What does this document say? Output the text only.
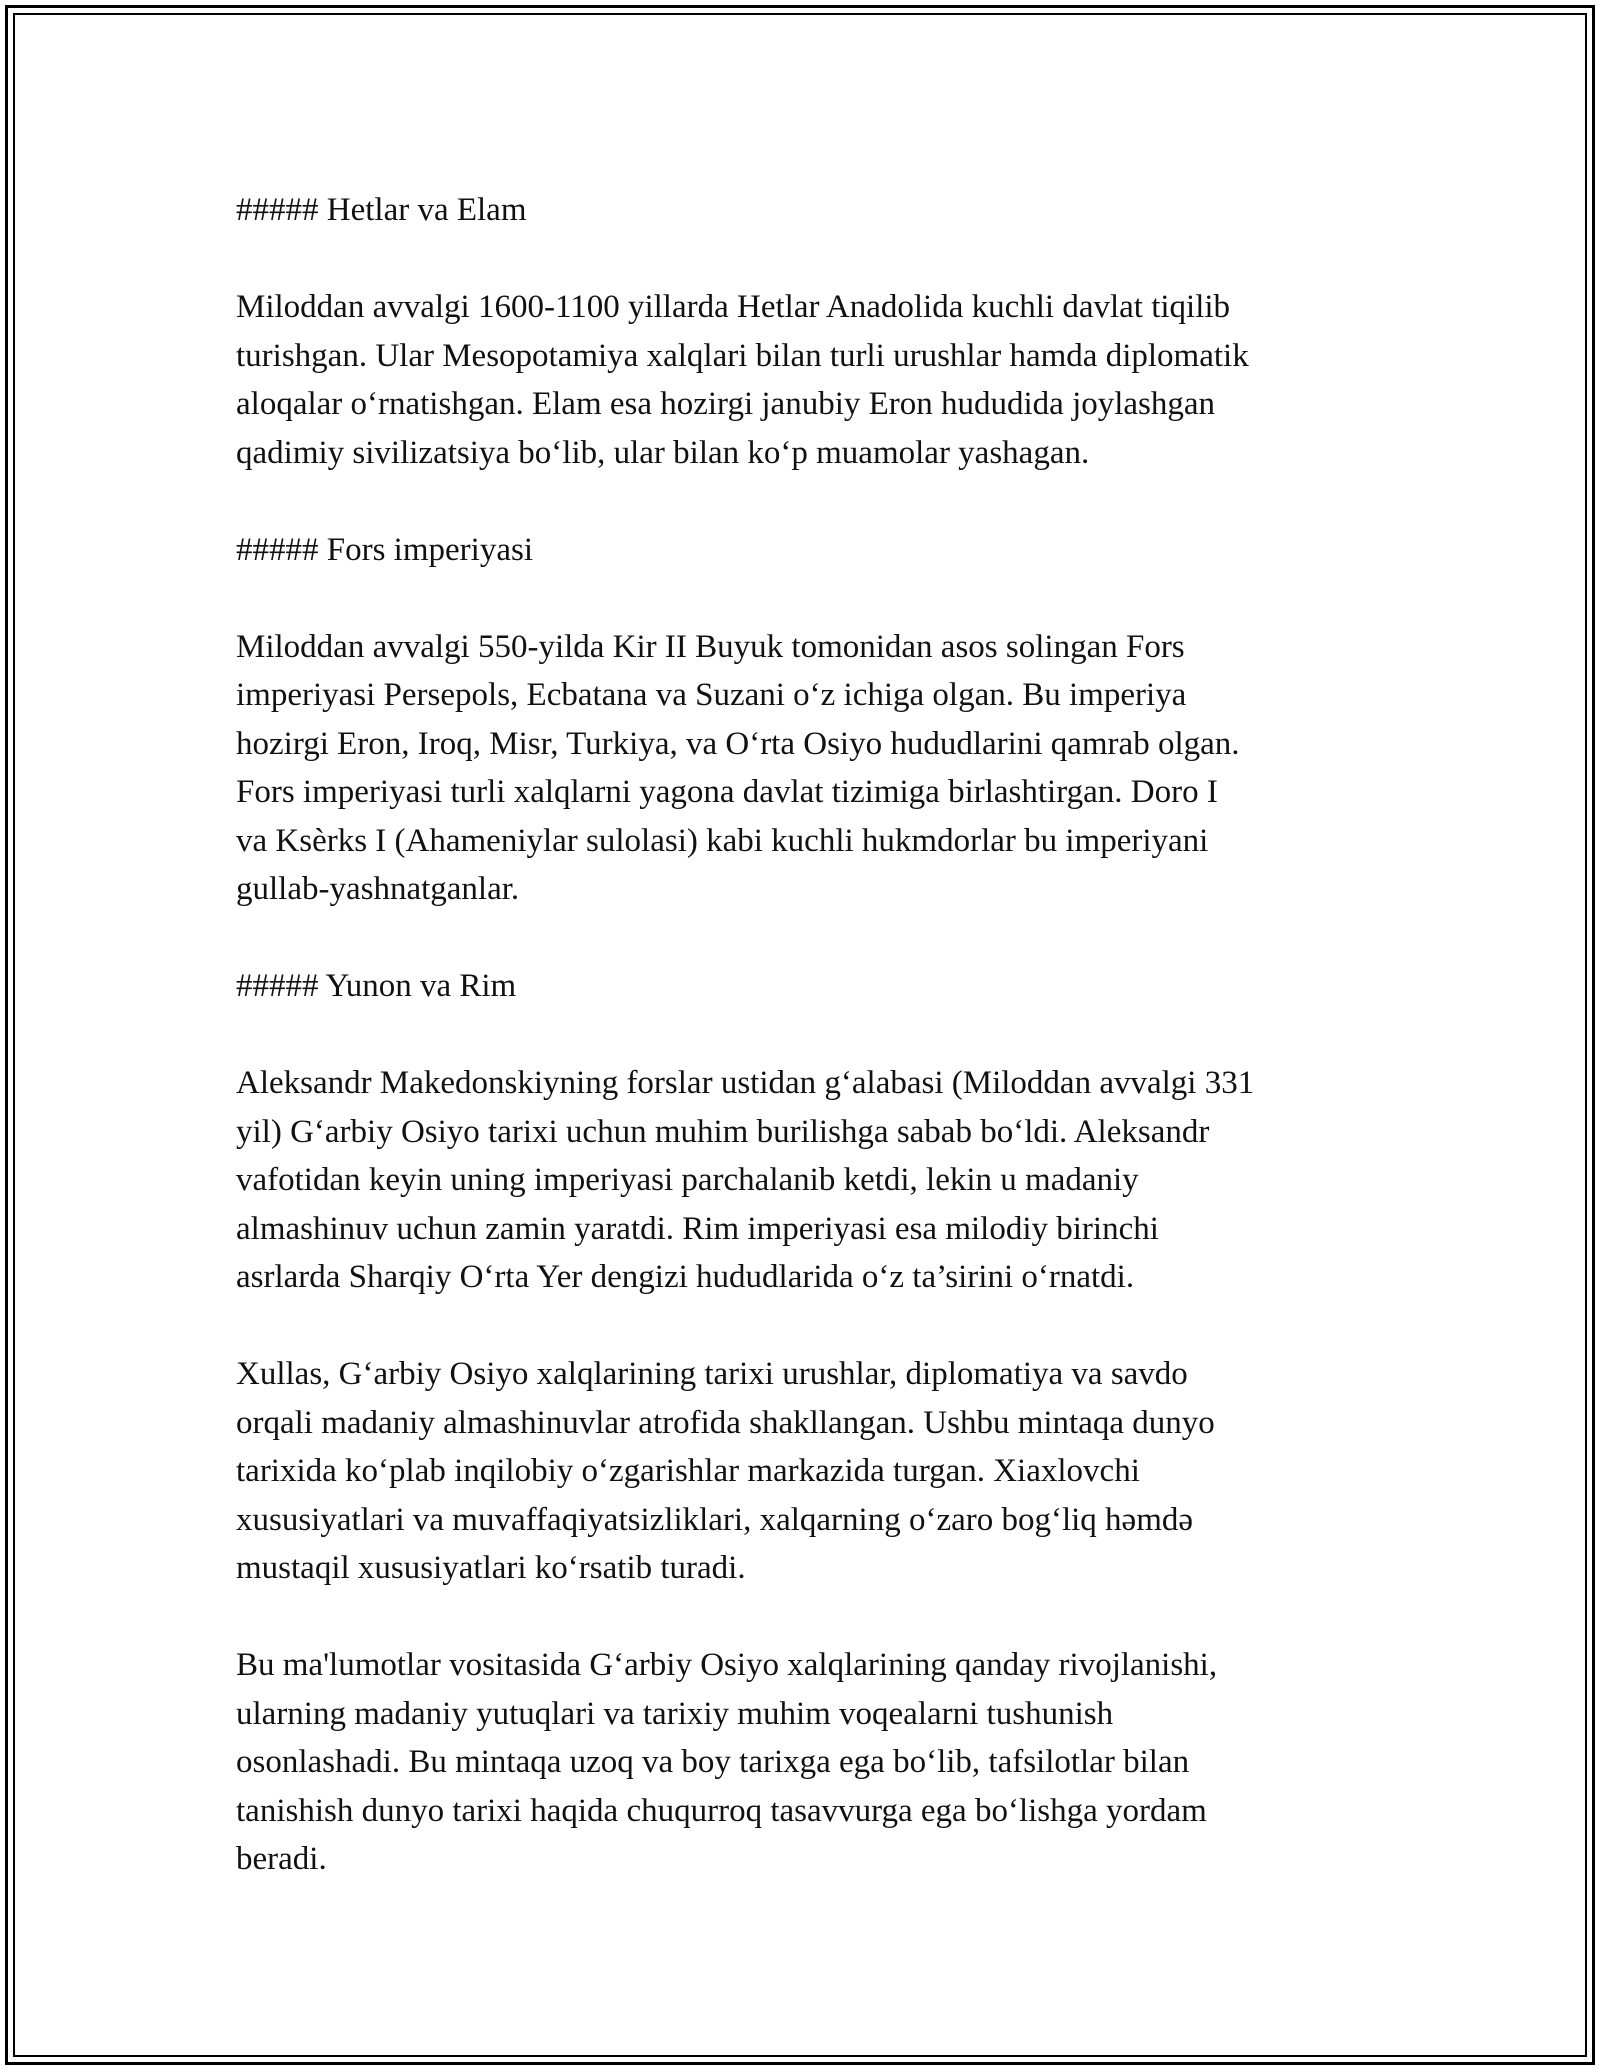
##### Hetlar va Elam
Miloddan avvalgi 1600-1100 yillarda Hetlar Anadolida kuchli davlat tiqilib
turishgan. Ular Mesopotamiya xalqlari bilan turli urushlar hamda diplomatik
aloqalar o‘rnatishgan. Elam esa hozirgi janubiy Eron hududida joylashgan
qadimiy sivilizatsiya bo‘lib, ular bilan ko‘p muamolar yashagan.
##### Fors imperiyasi
Miloddan avvalgi 550-yilda Kir II Buyuk tomonidan asos solingan Fors
imperiyasi Persepols, Ecbatana va Suzani o‘z ichiga olgan. Bu imperiya
hozirgi Eron, Iroq, Misr, Turkiya, va O‘rta Osiyo hududlarini qamrab olgan.
Fors imperiyasi turli xalqlarni yagona davlat tizimiga birlashtirgan. Doro I
va Ksèrks I (Ahameniylar sulolasi) kabi kuchli hukmdorlar bu imperiyani
gullab-yashnatganlar.
##### Yunon va Rim
Aleksandr Makedonskiyning forslar ustidan g‘alabasi (Miloddan avvalgi 331
yil) G‘arbiy Osiyo tarixi uchun muhim burilishga sabab bo‘ldi. Aleksandr
vafotidan keyin uning imperiyasi parchalanib ketdi, lekin u madaniy
almashinuv uchun zamin yaratdi. Rim imperiyasi esa milodiy birinchi
asrlarda Sharqiy O‘rta Yer dengizi hududlarida o‘z ta’sirini o‘rnatdi.
Xullas, G‘arbiy Osiyo xalqlarining tarixi urushlar, diplomatiya va savdo
orqali madaniy almashinuvlar atrofida shakllangan. Ushbu mintaqa dunyo
tarixida ko‘plab inqilobiy o‘zgarishlar markazida turgan. Xiaxlovchi
xususiyatlari va muvaffaqiyatsizliklari, xalqarning o‘zaro bog‘liq həmdə
mustaqil xususiyatlari ko‘rsatib turadi.
Bu ma'lumotlar vositasida G‘arbiy Osiyo xalqlarining qanday rivojlanishi,
ularning madaniy yutuqlari va tarixiy muhim voqealarni tushunish
osonlashadi. Bu mintaqa uzoq va boy tarixga ega bo‘lib, tafsilotlar bilan
tanishish dunyo tarixi haqida chuqurroq tasavvurga ega bo‘lishga yordam
beradi.
